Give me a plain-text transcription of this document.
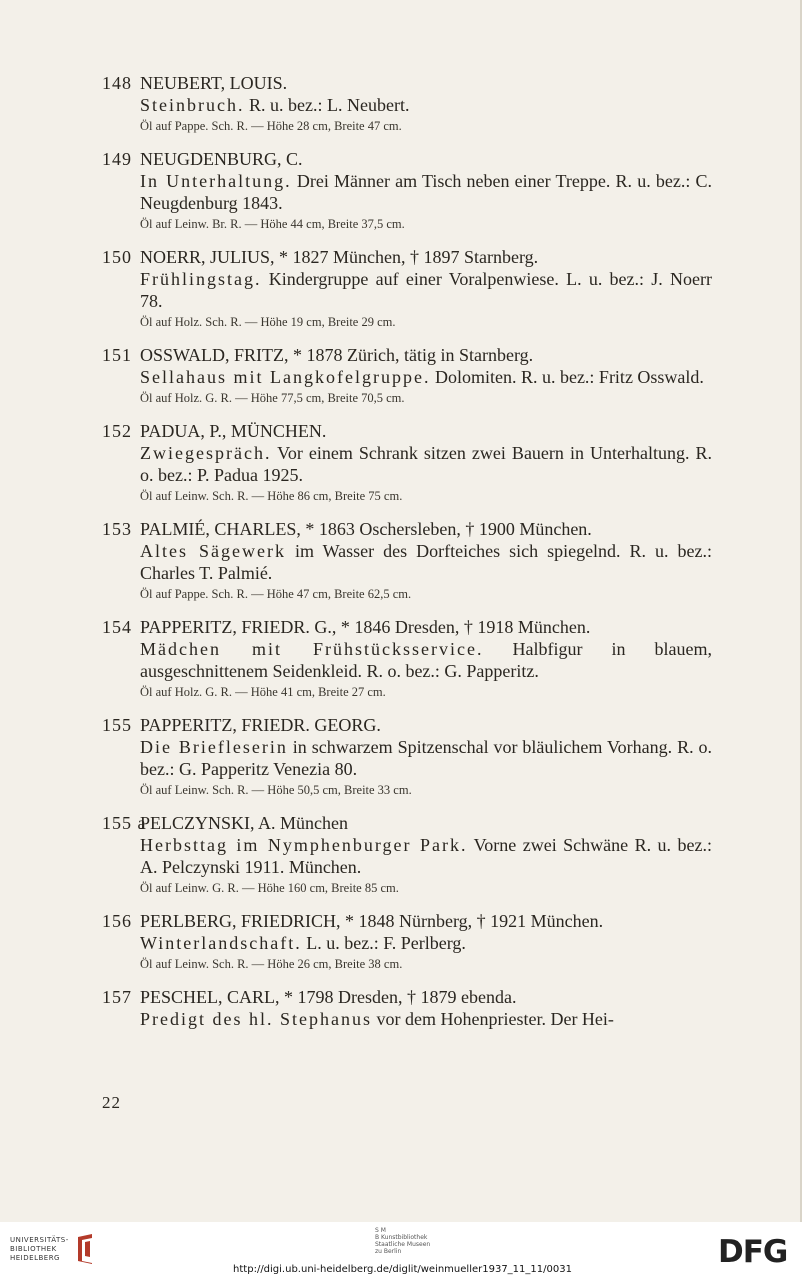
148 NEUBERT, LOUIS.
Steinbruch. R. u. bez.: L. Neubert.
Öl auf Pappe. Sch. R. — Höhe 28 cm, Breite 47 cm.
149 NEUGDENBURG, C.
In Unterhaltung. Drei Männer am Tisch neben einer Treppe. R. u. bez.: C. Neugdenburg 1843.
Öl auf Leinw. Br. R. — Höhe 44 cm, Breite 37,5 cm.
150 NOERR, JULIUS, * 1827 München, † 1897 Starnberg.
Frühlingstag. Kindergruppe auf einer Voralpenwiese. L. u. bez.: J. Noerr 78.
Öl auf Holz. Sch. R. — Höhe 19 cm, Breite 29 cm.
151 OSSWALD, FRITZ, * 1878 Zürich, tätig in Starnberg.
Sellahaus mit Langkofelgruppe. Dolomiten. R. u. bez.: Fritz Osswald.
Öl auf Holz. G. R. — Höhe 77,5 cm, Breite 70,5 cm.
152 PADUA, P., MÜNCHEN.
Zwiegespräch. Vor einem Schrank sitzen zwei Bauern in Unterhaltung. R. o. bez.: P. Padua 1925.
Öl auf Leinw. Sch. R. — Höhe 86 cm, Breite 75 cm.
153 PALMIÉ, CHARLES, * 1863 Oschersleben, † 1900 München.
Altes Sägewerk im Wasser des Dorfteiches sich spiegelnd. R. u. bez.: Charles T. Palmié.
Öl auf Pappe. Sch. R. — Höhe 47 cm, Breite 62,5 cm.
154 PAPPERITZ, FRIEDR. G., * 1846 Dresden, † 1918 München.
Mädchen mit Frühstücksservice. Halbfigur in blauem, ausgeschnittenem Seidenkleid. R. o. bez.: G. Papperitz.
Öl auf Holz. G. R. — Höhe 41 cm, Breite 27 cm.
155 PAPPERITZ, FRIEDR. GEORG.
Die Briefleserin in schwarzem Spitzenschal vor bläulichem Vorhang. R. o. bez.: G. Papperitz Venezia 80.
Öl auf Leinw. Sch. R. — Höhe 50,5 cm, Breite 33 cm.
155 aPELCZYNSKI, A. München
Herbsttag im Nymphenburger Park. Vorne zwei Schwäne R. u. bez.: A. Pelczynski 1911. München.
Öl auf Leinw. G. R. — Höhe 160 cm, Breite 85 cm.
156 PERLBERG, FRIEDRICH, * 1848 Nürnberg, † 1921 München.
Winterlandschaft. L. u. bez.: F. Perlberg.
Öl auf Leinw. Sch. R. — Höhe 26 cm, Breite 38 cm.
157 PESCHEL, CARL, * 1798 Dresden, † 1879 ebenda.
Predigt des hl. Stephanus vor dem Hohenpriester. Der Hei-
22
UNIVERSITÄTS-
BIBLIOTHEK
HEIDELBERG
S M
B Kunstbibliothek
Staatliche Museen
zu Berlin	DFG
http://digi.ub.uni-heidelberg.de/diglit/weinmueller1937_11_11/0031
